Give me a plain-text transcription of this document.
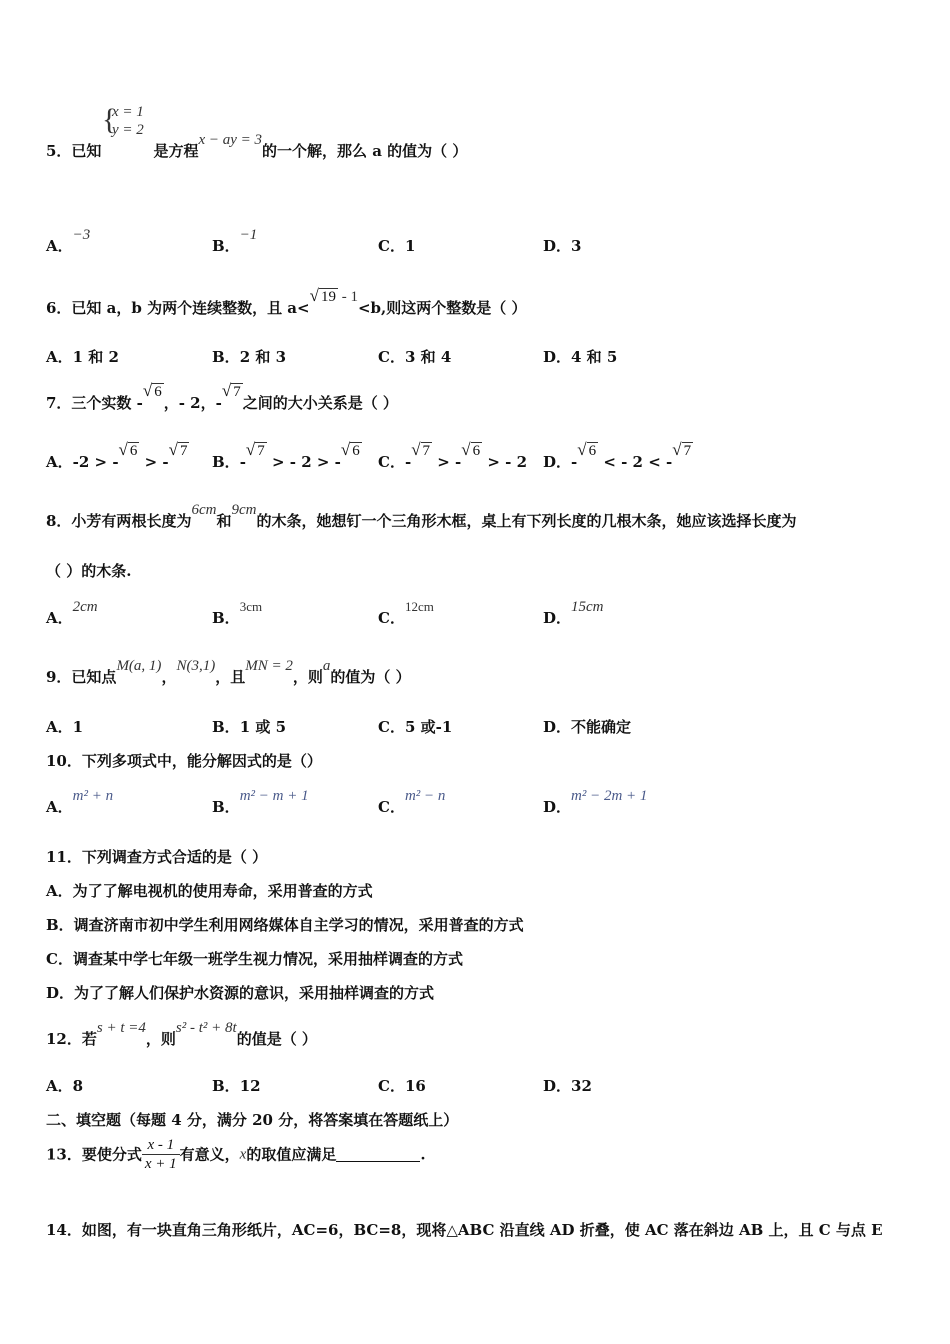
{
x = 1
y = 2
5．已知	是方程x − ay = 3的一个解，那么 a 的值为（ ）
A．−3
B．−1
C．1	D．3
6．已知 a，b 为两个连续整数，且 a<√ 19 - 1<b,则这两个整数是（ ）
A．1 和 2	B．2 和 3	C．3 和 4	D．4 和 5
7．三个实数 -√ 6，- 2，-√ 7之间的大小关系是（ ）
A．-2 > -√ 6 > -√ 7
B．-√ 7 > - 2 > -√ 6
C．-√ 7 > -√ 6 > - 2 D．-√ 6 < - 2 < -√ 7
8．小芳有两根长度为6cm和9cm的木条，她想钉一个三角形木框，桌上有下列长度的几根木条，她应该选择长度为
（ ）的木条.
A．2cm
B．3cm
C．12cm
D．15cm
9．已知点M(a, 1)，N(3,1)，且MN = 2，则a的值为（ ）
A．1	B．1 或 5	C．5 或-1	D．不能确定
10．下列多项式中，能分解因式的是（）
A．m² + n
B．m² − m + 1
C．m² − n
D．m² − 2m + 1
11．下列调查方式合适的是（ ）
A．为了了解电视机的使用寿命，采用普查的方式
B．调查济南市初中学生利用网络媒体自主学习的情况，采用普查的方式
C．调查某中学七年级一班学生视力情况，采用抽样调查的方式
D．为了了解人们保护水资源的意识，采用抽样调查的方式
12．若s + t =4，则s² - t² + 8t的值是（ ）
A．8	B．12	C．16	D．32
二、填空题（每题 4 分，满分 20 分，将答案填在答题纸上）
13．要使分式 $\frac{x - 1}{x + 1}$ 有意义，x的取值应满足	.
14．如图，有一块直角三角形纸片，AC=6，BC=8，现将△ABC 沿直线 AD 折叠，使 AC 落在斜边 AB 上，且 C 与点 E
